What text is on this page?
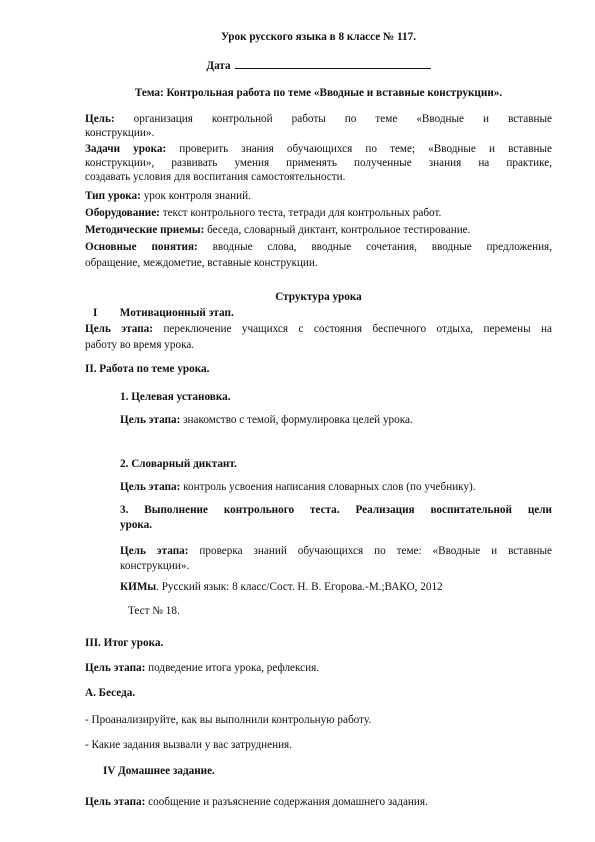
Урок русского языка в 8 классе № 117.
Дата
Тема: Контрольная работа по теме «Вводные и вставные конструкции».
Цель: организация контрольной работы по теме «Вводные и вставные
конструкции».
Задачи урока: проверить знания обучающихся по теме; «Вводные и вставные
конструкции», развивать умения применять полученные знания на практике,
создавать условия для воспитания самостоятельности.
Тип урока: урок контроля знаний.
Оборудование: текст контрольного теста, тетради для контрольных работ.
Методические приемы: беседа, словарный диктант, контрольное тестирование.
Основные понятия: вводные слова, вводные сочетания, вводные предложения,
обращение, междометие, вставные конструкции.
Структура урока
I Мотивационный этап.
Цель этапа: переключение учащихся с состояния беспечного отдыха, перемены на
работу во время урока.
II. Работа по теме урока.
1. Целевая установка.
Цель этапа: знакомство с темой, формулировка целей урока.
2. Словарный диктант.
Цель этапа: контроль усвоения написания словарных слов (по учебнику).
3. Выполнение контрольного теста. Реализация воспитательной цели
урока.
Цель этапа: проверка знаний обучающихся по теме: «Вводные и вставные
конструкции».
КИМы. Русский язык: 8 класс/Сост. Н. В. Егорова.-М.;ВАКО, 2012
Тест № 18.
III. Итог урока.
Цель этапа: подведение итога урока, рефлексия.
А. Беседа.
- Проанализируйте, как вы выполнили контрольную работу.
- Какие задания вызвали у вас затруднения.
IV Домашнее задание.
Цель этапа: сообщение и разъяснение содержания домашнего задания.
